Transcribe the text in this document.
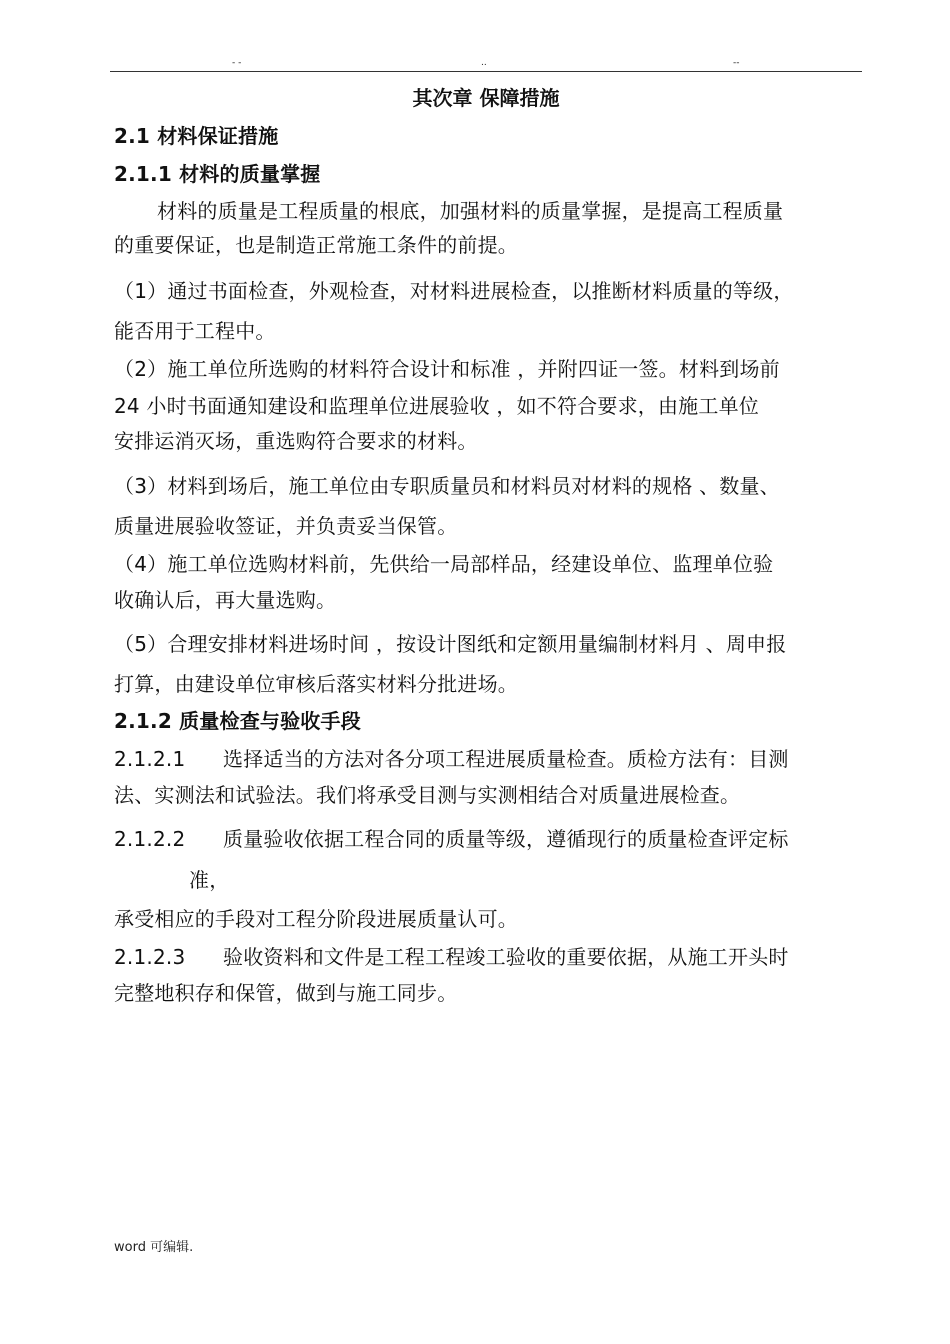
- -	..	--
其次章 保障措施
2.1 材料保证措施
2.1.1 材料的质量掌握
材料的质量是工程质量的根底，加强材料的质量掌握，是提高工程质量
的重要保证，也是制造正常施工条件的前提。
（1）通过书面检查，外观检查，对材料进展检查，以推断材料质量的等级，
能否用于工程中。
（2）施工单位所选购的材料符合设计和标准 ，并附四证一签。材料到场前
24 小时书面通知建设和监理单位进展验收 ，如不符合要求，由施工单位
安排运消灭场，重选购符合要求的材料。
（3）材料到场后，施工单位由专职质量员和材料员对材料的规格 、数量、
质量进展验收签证，并负责妥当保管。
（4）施工单位选购材料前，先供给一局部样品，经建设单位、监理单位验
收确认后，再大量选购。
（5）合理安排材料进场时间 ，按设计图纸和定额用量编制材料月 、周申报
打算，由建设单位审核后落实材料分批进场。
2.1.2 质量检查与验收手段
2.1.2.1 选择适当的方法对各分项工程进展质量检查。质检方法有：目测
法、实测法和试验法。我们将承受目测与实测相结合对质量进展检查。
2.1.2.2 质量验收依据工程合同的质量等级，遵循现行的质量检查评定标
准，
承受相应的手段对工程分阶段进展质量认可。
2.1.2.3 验收资料和文件是工程工程竣工验收的重要依据，从施工开头时
完整地积存和保管，做到与施工同步。
word 可编辑.
